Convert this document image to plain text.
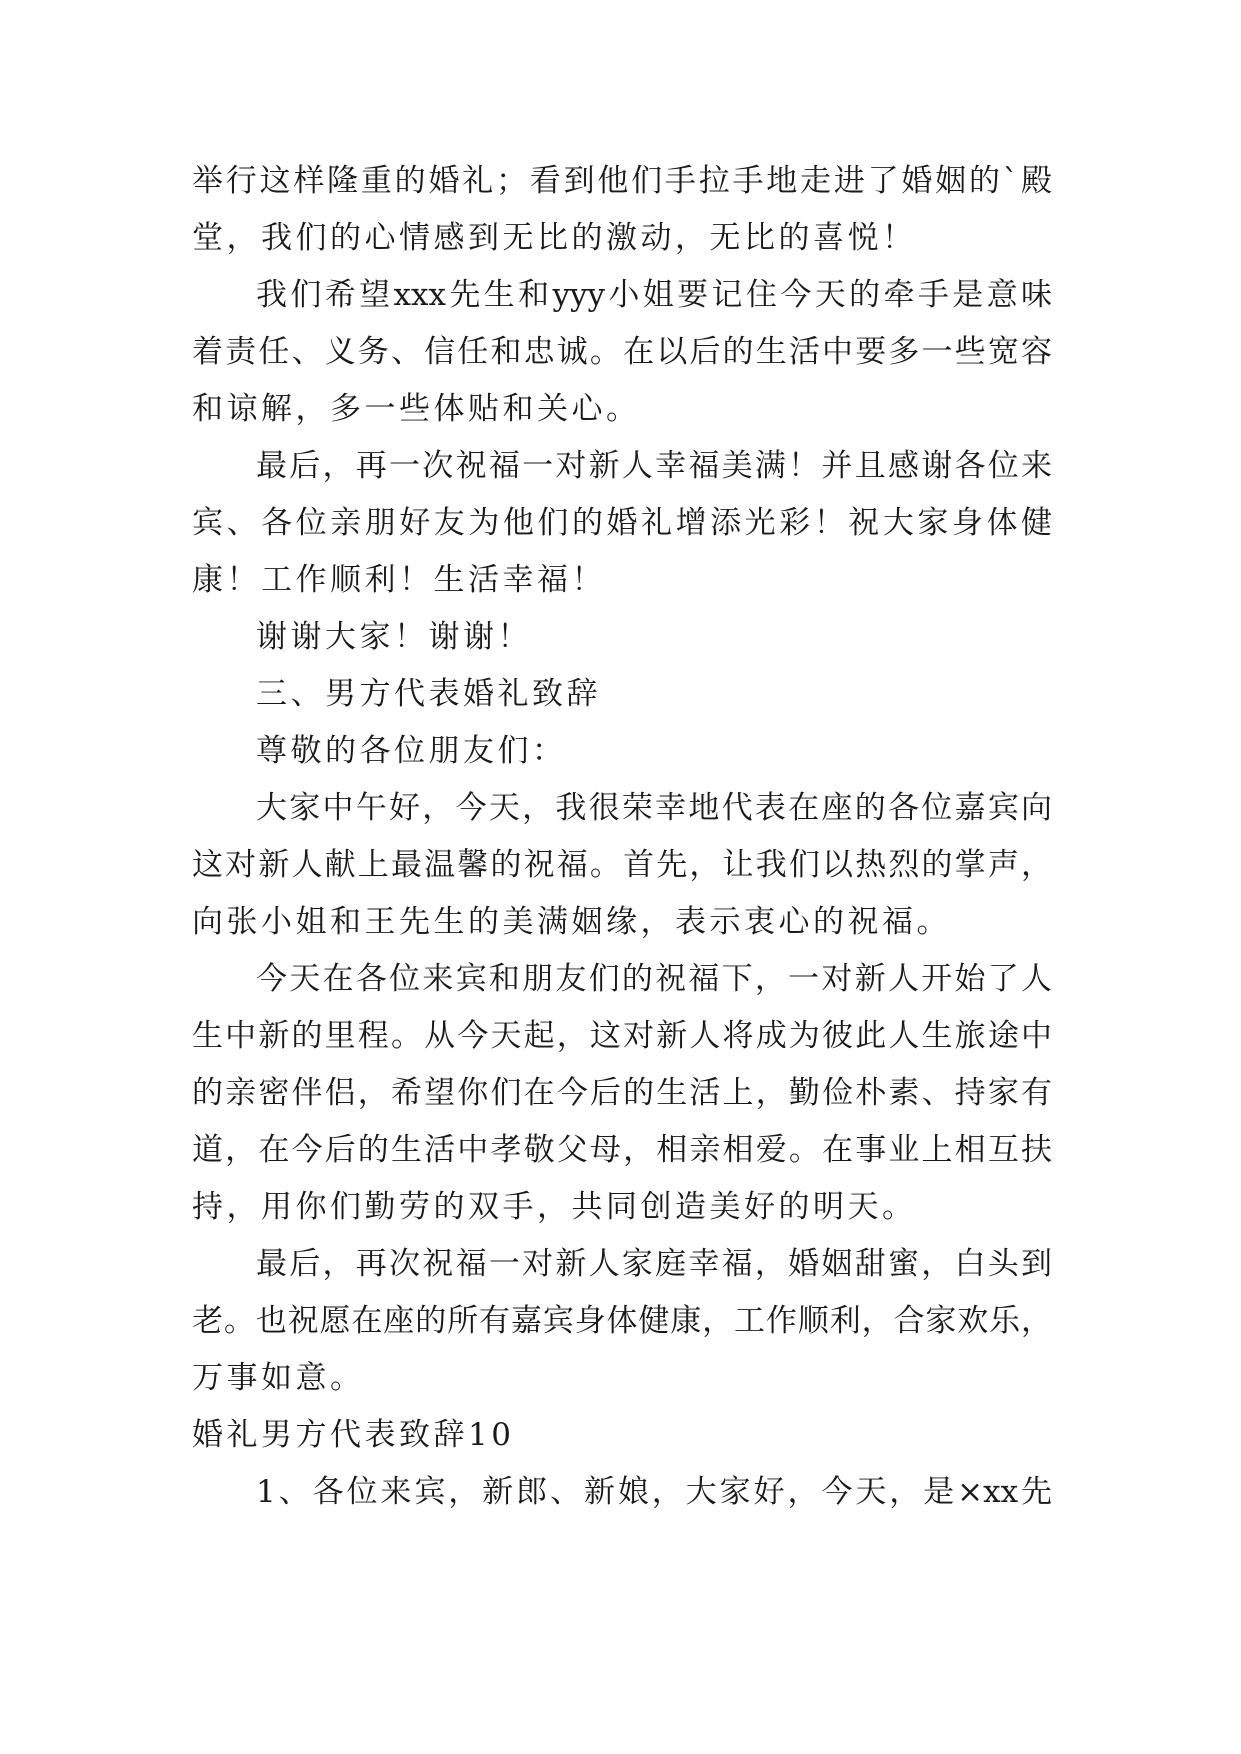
举行这样隆重的婚礼；看到他们手拉手地走进了婚姻的`殿
堂，我们的心情感到无比的激动，无比的喜悦！
我们希望xxx先生和yyy小姐要记住今天的牵手是意味
着责任、义务、信任和忠诚。在以后的生活中要多一些宽容
和谅解，多一些体贴和关心。
最后，再一次祝福一对新人幸福美满！并且感谢各位来
宾、各位亲朋好友为他们的婚礼增添光彩！祝大家身体健
康！工作顺利！生活幸福！
谢谢大家！谢谢！
三、男方代表婚礼致辞
尊敬的各位朋友们：
大家中午好，今天，我很荣幸地代表在座的各位嘉宾向
这对新人献上最温馨的祝福。首先，让我们以热烈的掌声，
向张小姐和王先生的美满姻缘，表示衷心的祝福。
今天在各位来宾和朋友们的祝福下，一对新人开始了人
生中新的里程。从今天起，这对新人将成为彼此人生旅途中
的亲密伴侣，希望你们在今后的生活上，勤俭朴素、持家有
道，在今后的生活中孝敬父母，相亲相爱。在事业上相互扶
持，用你们勤劳的双手，共同创造美好的明天。
最后，再次祝福一对新人家庭幸福，婚姻甜蜜，白头到
老。也祝愿在座的所有嘉宾身体健康，工作顺利，合家欢乐，
万事如意。
婚礼男方代表致辞10
1、各位来宾，新郎、新娘，大家好，今天，是×xx先
